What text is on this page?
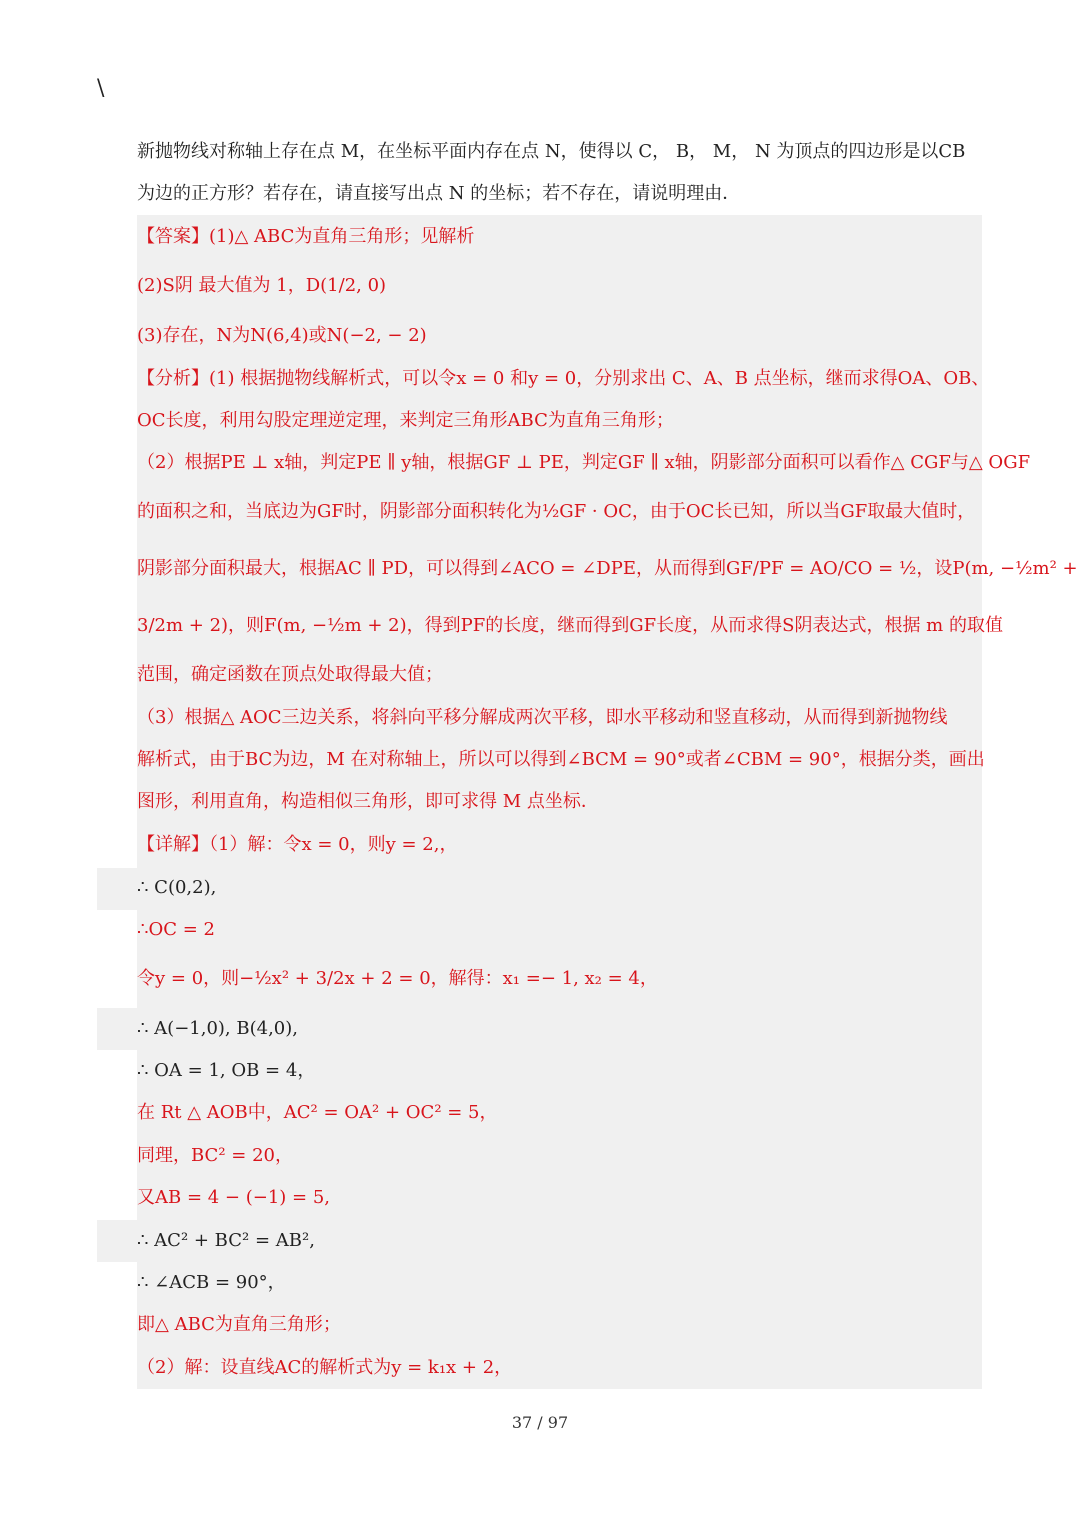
\
新抛物线对称轴上存在点 M，在坐标平面内存在点 N，使得以 C， B， M， N 为顶点的四边形是以CB
为边的正方形？若存在，请直接写出点 N 的坐标；若不存在，请说明理由．
【答案】(1)△ ABC为直角三角形；见解析
(2)S阴 最大值为 1，D(1/2, 0)
(3)存在，N为N(6,4)或N(−2, − 2)
【分析】(1) 根据抛物线解析式，可以令x = 0 和y = 0，分别求出 C、A、B 点坐标，继而求得OA、OB、
OC长度，利用勾股定理逆定理，来判定三角形ABC为直角三角形；
（2）根据PE ⊥ x轴，判定PE ∥ y轴，根据GF ⊥ PE，判定GF ∥ x轴，阴影部分面积可以看作△ CGF与△ OGF
的面积之和，当底边为GF时，阴影部分面积转化为½GF · OC，由于OC长已知，所以当GF取最大值时，
阴影部分面积最大，根据AC ∥ PD，可以得到∠ACO = ∠DPE，从而得到GF/PF = AO/CO = ½，设P(m, −½m² +
3/2m + 2)，则F(m, −½m + 2)，得到PF的长度，继而得到GF长度，从而求得S阴表达式，根据 m 的取值
范围，确定函数在顶点处取得最大值；
（3）根据△ AOC三边关系，将斜向平移分解成两次平移，即水平移动和竖直移动，从而得到新抛物线
解析式，由于BC为边，M 在对称轴上，所以可以得到∠BCM = 90°或者∠CBM = 90°，根据分类，画出
图形，利用直角，构造相似三角形，即可求得 M 点坐标．
【详解】（1）解：令x = 0，则y = 2,，
∴ C(0,2),
∴OC = 2
令y = 0，则−½x² + 3/2x + 2 = 0，解得：x₁ =− 1, x₂ = 4，
∴ A(−1,0), B(4,0),
∴ OA = 1, OB = 4，
在 Rt △ AOB中，AC² = OA² + OC² = 5，
同理，BC² = 20，
又AB = 4 − (−1) = 5,
∴ AC² + BC² = AB²,
∴ ∠ACB = 90°，
即△ ABC为直角三角形；
（2）解：设直线AC的解析式为y = k₁x + 2，
37 / 97
